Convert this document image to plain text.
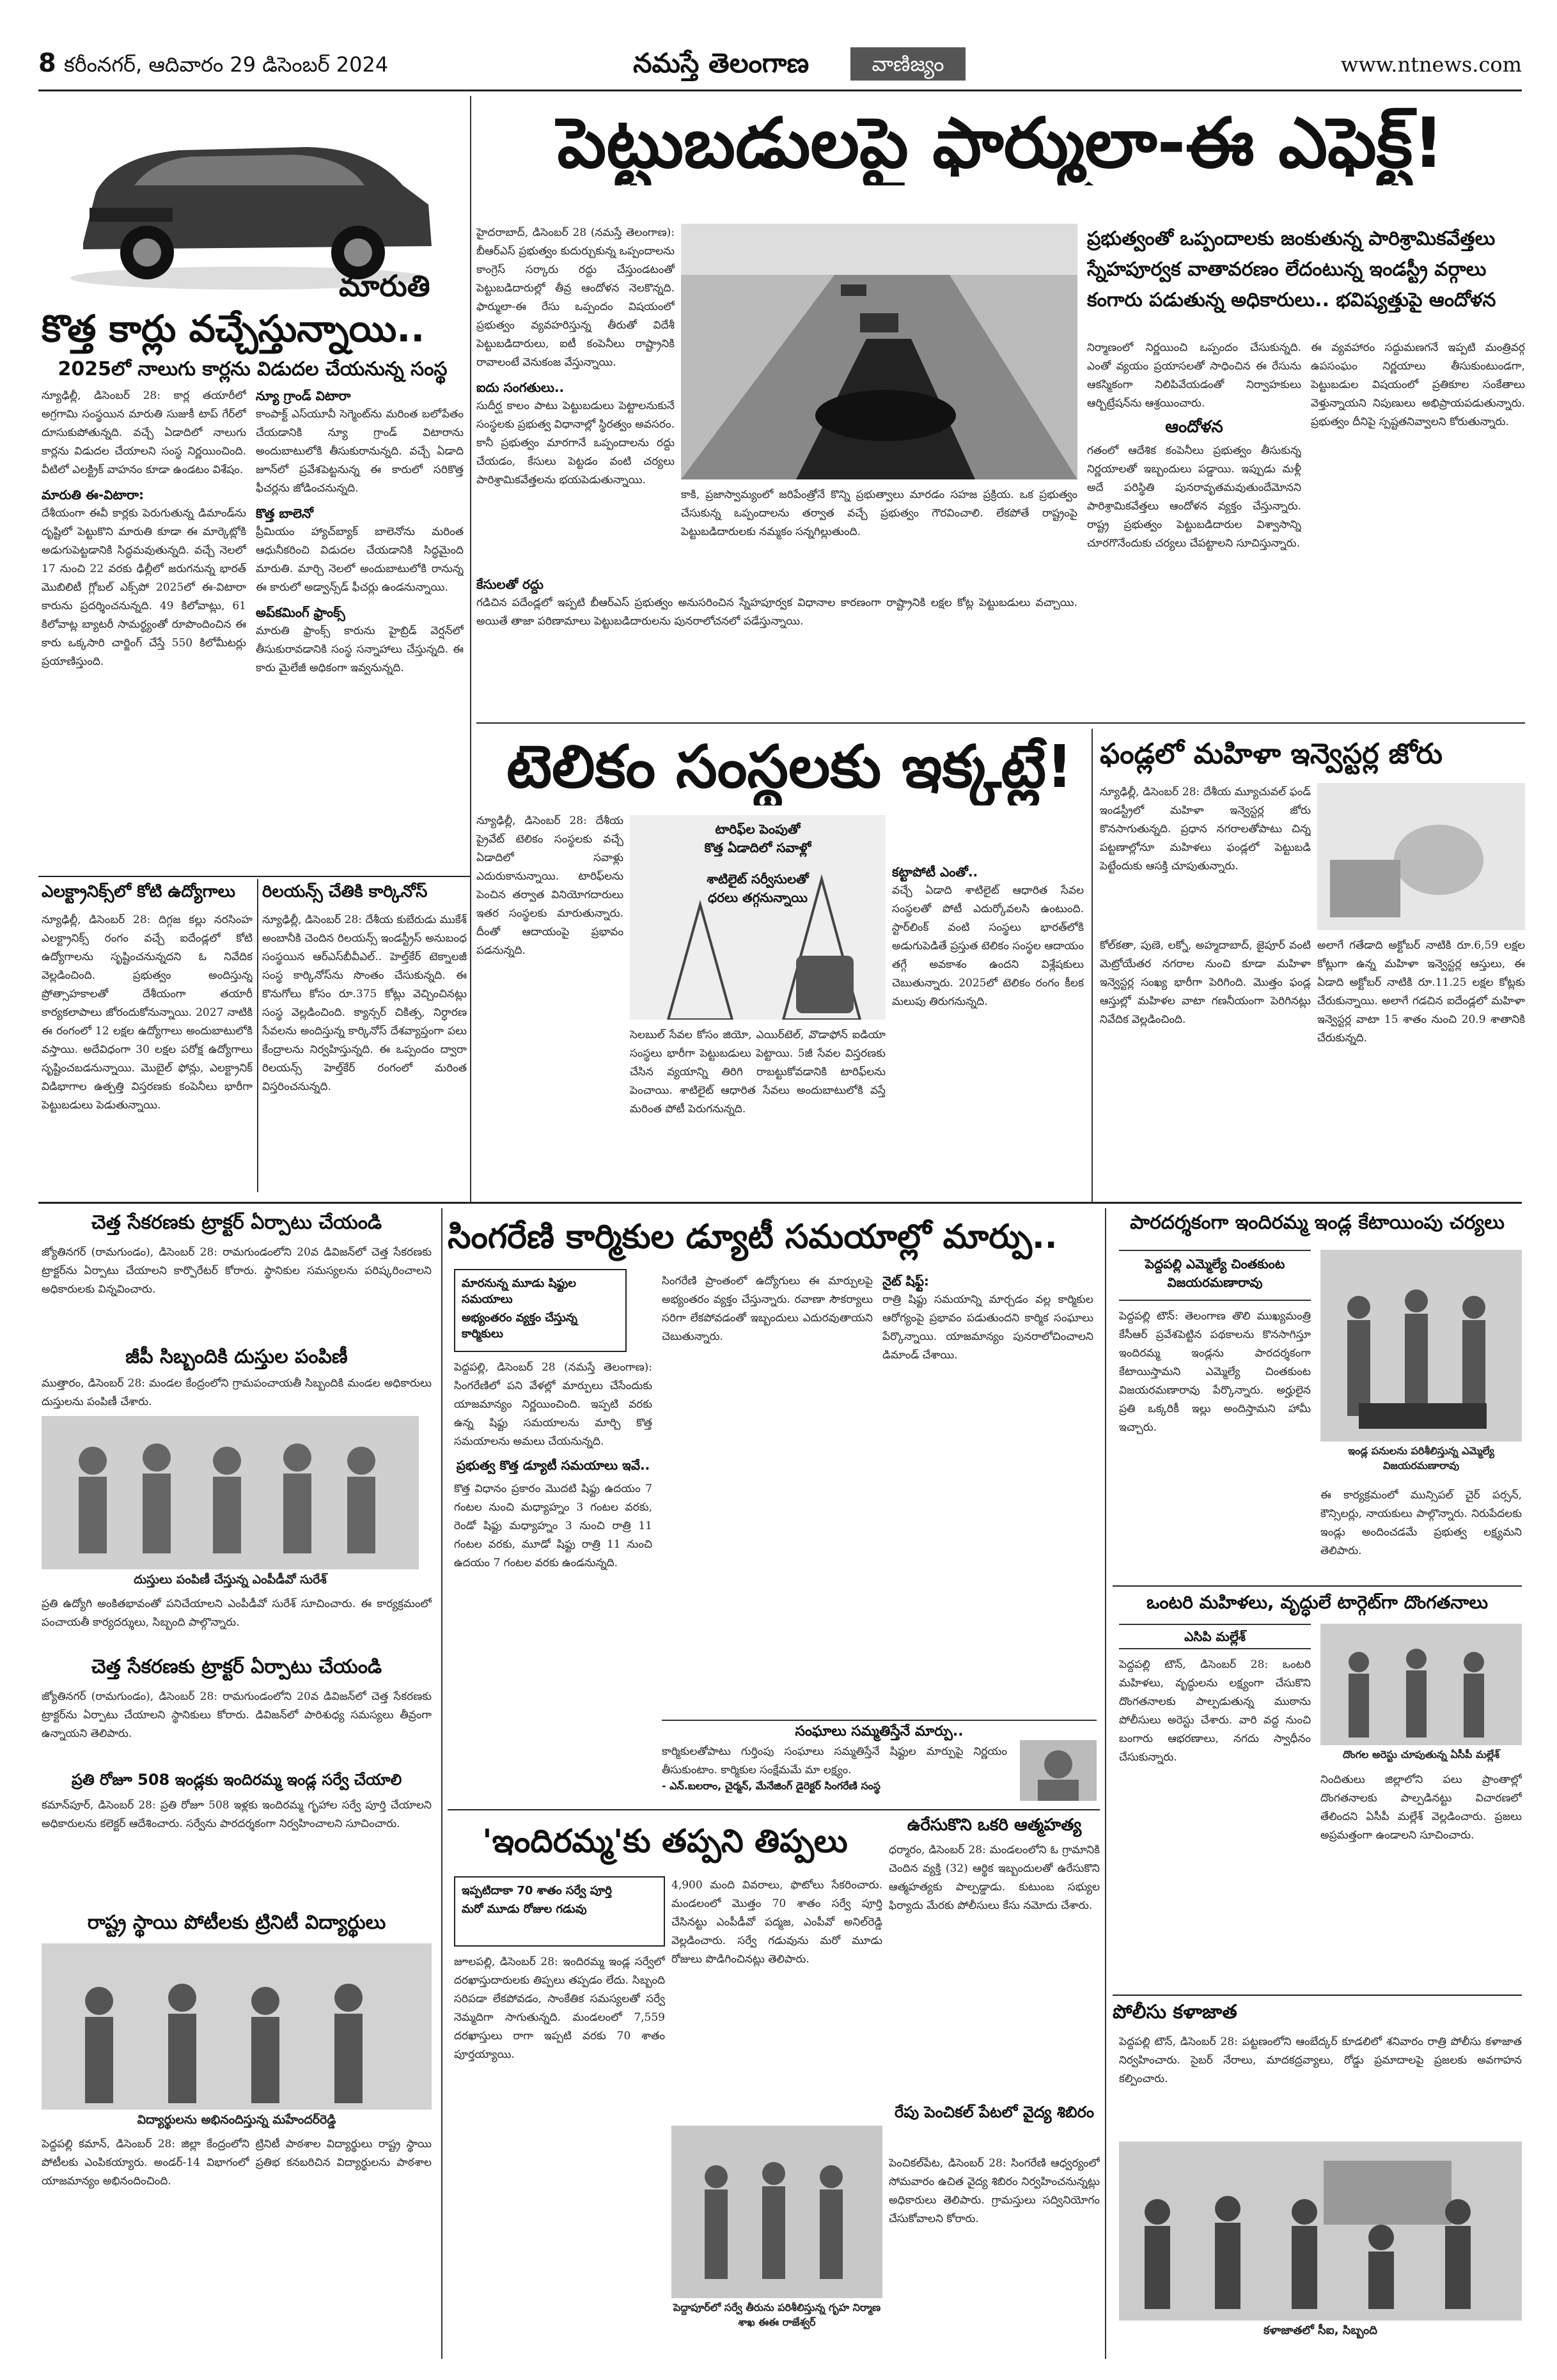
8 కరీంనగర్, ఆదివారం 29 డిసెంబర్ 2024	నమస్తే తెలంగాణ	వాణిజ్యం	www.ntnews.com
మారుతి
కొత్త కార్లు వచ్చేస్తున్నాయి..
2025లో నాలుగు కార్లను విడుదల చేయనున్న సంస్థ
న్యూఢిల్లీ, డిసెంబర్ 28: కార్ల తయారీలో అగ్రగామి సంస్థయిన మారుతి సుజుకీ టాప్ గేర్‌లో దూసుకుపోతున్నది. వచ్చే ఏడాదిలో నాలుగు కార్లను విడుదల చేయాలని సంస్థ నిర్ణయించింది. వీటిలో ఎలక్ట్రిక్ వాహనం కూడా ఉండటం విశేషం.
మారుతి ఈ-విటారా:
దేశీయంగా ఈవీ కార్లకు పెరుగుతున్న డిమాండ్‌ను దృష్టిలో పెట్టుకొని మారుతి కూడా ఈ మార్కెట్లోకి అడుగుపెట్టడానికి సిద్ధమవుతున్నది. వచ్చే నెలలో 17 నుంచి 22 వరకు ఢిల్లీలో జరుగనున్న భారత్ మొబిలిటీ గ్లోబల్ ఎక్స్‌పో 2025లో ఈ-విటారా కారును ప్రదర్శించనున్నది. 49 కిలోవాట్లు, 61 కిలోవాట్ల బ్యాటరీ సామర్థ్యంతో రూపొందించిన ఈ కారు ఒక్కసారి చార్జింగ్ చేస్తే 550 కిలోమీటర్లు ప్రయాణిస్తుంది.
న్యూ గ్రాండ్ విటారా
కాంపాక్ట్ ఎస్‌యూవీ సెగ్మెంట్‌ను మరింత బలోపేతం చేయడానికి న్యూ గ్రాండ్ విటారాను అందుబాటులోకి తీసుకురానున్నది. వచ్చే ఏడాది జూన్‌లో ప్రవేశపెట్టనున్న ఈ కారులో సరికొత్త ఫీచర్లను జోడించనున్నది.
కొత్త బాలెనో
ప్రీమియం హ్యాచ్‌బ్యాక్ బాలెనోను మరింత ఆధునీకరించి విడుదల చేయడానికి సిద్ధమైంది మారుతి. మార్చి నెలలో అందుబాటులోకి రానున్న ఈ కారులో అడ్వాన్స్‌డ్ ఫీచర్లు ఉండనున్నాయి.
అప్‌కమింగ్ ఫ్రాంక్స్
మారుతి ఫ్రాంక్స్ కారును హైబ్రిడ్ వెర్షన్‌లో తీసుకురావడానికి సంస్థ సన్నాహాలు చేస్తున్నది. ఈ కారు మైలేజీ అధికంగా ఇవ్వనున్నది.
పెట్టుబడులపై ఫార్ములా-ఈ ఎఫెక్ట్!
హైదరాబాద్, డిసెంబర్ 28 (నమస్తే తెలంగాణ): బీఆర్‌ఎస్ ప్రభుత్వం కుదుర్చుకున్న ఒప్పందాలను కాంగ్రెస్ సర్కారు రద్దు చేస్తుండటంతో పెట్టుబడిదారుల్లో తీవ్ర ఆందోళన నెలకొన్నది. ఫార్ములా-ఈ రేసు ఒప్పందం విషయంలో ప్రభుత్వం వ్యవహరిస్తున్న తీరుతో విదేశీ పెట్టుబడిదారులు, ఐటీ కంపెనీలు రాష్ట్రానికి రావాలంటే వెనుకంజ వేస్తున్నాయి.
ఐదు సంగతులు..
సుదీర్ఘ కాలం పాటు పెట్టుబడులు పెట్టాలనుకునే సంస్థలకు ప్రభుత్వ విధానాల్లో స్థిరత్వం అవసరం. కానీ ప్రభుత్వం మారగానే ఒప్పందాలను రద్దు చేయడం, కేసులు పెట్టడం వంటి చర్యలు పారిశ్రామికవేత్తలను భయపెడుతున్నాయి.
కాకి, ప్రజాస్వామ్యంలో జరిపేంత్రోనే కొన్ని ప్రభుత్వాలు మారడం సహజ ప్రక్రియ. ఒక ప్రభుత్వం చేసుకున్న ఒప్పందాలను తర్వాత వచ్చే ప్రభుత్వం గౌరవించాలి. లేకపోతే రాష్ట్రంపై పెట్టుబడిదారులకు నమ్మకం సన్నగిల్లుతుంది.
ప్రభుత్వంతో ఒప్పందాలకు జంకుతున్న పారిశ్రామికవేత్తలు స్నేహపూర్వక వాతావరణం లేదంటున్న ఇండస్ట్రీ వర్గాలు కంగారు పడుతున్న అధికారులు.. భవిష్యత్తుపై ఆందోళన
నిర్మాణంలో నిర్ణయించి ఒప్పందం చేసుకున్నది. ఎంతో వ్యయం ప్రయాసలతో సాధించిన ఈ రేసును ఆకస్మికంగా నిలిపివేయడంతో నిర్వాహకులు ఆర్బిట్రేషన్‌ను ఆశ్రయించారు.
ఆందోళన
గతంలో ఆదేశిక కంపెనీలు ప్రభుత్వం తీసుకున్న నిర్ణయాలతో ఇబ్బందులు పడ్డాయి. ఇప్పుడు మళ్లీ అదే పరిస్థితి పునరావృతమవుతుందేమోనని పారిశ్రామికవేత్తలు ఆందోళన వ్యక్తం చేస్తున్నారు. రాష్ట్ర ప్రభుత్వం పెట్టుబడిదారుల విశ్వాసాన్ని చూరగొనేందుకు చర్యలు చేపట్టాలని సూచిస్తున్నారు.
ఈ వ్యవహారం సద్దుమణగనే ఇప్పటి మంత్రివర్గ ఉపసంఘం నిర్ణయాలు తీసుకుంటుండగా, పెట్టుబడుల విషయంలో ప్రతికూల సంకేతాలు వెళ్తున్నాయని నిపుణులు అభిప్రాయపడుతున్నారు. ప్రభుత్వం దీనిపై స్పష్టతనివ్వాలని కోరుతున్నారు.
కేసులతో రద్దు
గడిచిన పదేండ్లలో ఇప్పటి బీఆర్‌ఎస్ ప్రభుత్వం అనుసరించిన స్నేహపూర్వక విధానాల కారణంగా రాష్ట్రానికి లక్షల కోట్ల పెట్టుబడులు వచ్చాయి. అయితే తాజా పరిణామాలు పెట్టుబడిదారులను పునరాలోచనలో పడేస్తున్నాయి.
టెలికం సంస్థలకు ఇక్కట్లే!
న్యూఢిల్లీ, డిసెంబర్ 28: దేశీయ ప్రైవేట్ టెలికం సంస్థలకు వచ్చే ఏడాదిలో సవాళ్లు ఎదురుకానున్నాయి. టారిఫ్‌లను పెంచిన తర్వాత వినియోగదారులు ఇతర సంస్థలకు మారుతున్నారు. దీంతో ఆదాయంపై ప్రభావం పడనున్నది.
టారిఫ్‌ల పెంపుతో
కొత్త ఏడాదిలో సవాళ్లో
శాటిలైట్ సర్వీసులతో
ధరలు తగ్గనున్నాయి
సెలబుల్ సేవల కోసం జియో, ఎయిర్‌టెల్, వొడాఫోన్ ఐడియా సంస్థలు భారీగా పెట్టుబడులు పెట్టాయి. 5జీ సేవల విస్తరణకు చేసిన వ్యయాన్ని తిరిగి రాబట్టుకోవడానికి టారిఫ్‌లను పెంచాయి. శాటిలైట్ ఆధారిత సేవలు అందుబాటులోకి వస్తే మరింత పోటీ పెరుగనున్నది.
కట్టాపోటీ ఎంతో..
వచ్చే ఏడాది శాటిలైట్ ఆధారిత సేవల సంస్థలతో పోటీ ఎదుర్కోవలసి ఉంటుంది. స్టార్‌లింక్ వంటి సంస్థలు భారత్‌లోకి అడుగుపెడితే ప్రస్తుత టెలికం సంస్థల ఆదాయం తగ్గే అవకాశం ఉందని విశ్లేషకులు చెబుతున్నారు. 2025లో టెలికం రంగం కీలక మలుపు తిరుగనున్నది.
ఫండ్లలో మహిళా ఇన్వెస్టర్ల జోరు
న్యూఢిల్లీ, డిసెంబర్ 28: దేశీయ మ్యూచువల్ ఫండ్ ఇండస్ట్రీలో మహిళా ఇన్వెస్టర్ల జోరు కొనసాగుతున్నది. ప్రధాన నగరాలతోపాటు చిన్న పట్టణాల్లోనూ మహిళలు ఫండ్లలో పెట్టుబడి పెట్టేందుకు ఆసక్తి చూపుతున్నారు.
కోల్‌కతా, పుణె, లక్నో, అహ్మదాబాద్, జైపూర్ వంటి మెట్రోయేతర నగరాల నుంచి కూడా మహిళా ఇన్వెస్టర్ల సంఖ్య భారీగా పెరిగింది. మొత్తం ఫండ్ల ఆస్తుల్లో మహిళల వాటా గణనీయంగా పెరిగినట్లు నివేదిక వెల్లడించింది.
అలాగే గతేడాది అక్టోబర్ నాటికి రూ.6,59 లక్షల కోట్లుగా ఉన్న మహిళా ఇన్వెస్టర్ల ఆస్తులు, ఈ ఏడాది అక్టోబర్ నాటికి రూ.11.25 లక్షల కోట్లకు చేరుకున్నాయి. అలాగే గడచిన ఐదేండ్లలో మహిళా ఇన్వెస్టర్ల వాటా 15 శాతం నుంచి 20.9 శాతానికి చేరుకున్నది.
ఎలక్ట్రానిక్స్‌లో కోటి ఉద్యోగాలు
న్యూఢిల్లీ, డిసెంబర్ 28: దిగ్గజ కల్లు నరసింహ ఎలక్ట్రానిక్స్ రంగం వచ్చే ఐదేండ్లలో కోటి ఉద్యోగాలను సృష్టించనున్నదని ఓ నివేదిక వెల్లడించింది. ప్రభుత్వం అందిస్తున్న ప్రోత్సాహకాలతో దేశీయంగా తయారీ కార్యకలాపాలు జోరందుకోనున్నాయి. 2027 నాటికి ఈ రంగంలో 12 లక్షల ఉద్యోగాలు అందుబాటులోకి వస్తాయి. అదేవిధంగా 30 లక్షల పరోక్ష ఉద్యోగాలు సృష్టించబడనున్నాయి. మొబైల్ ఫోన్లు, ఎలక్ట్రానిక్ విడిభాగాల ఉత్పత్తి విస్తరణకు కంపెనీలు భారీగా పెట్టుబడులు పెడుతున్నాయి.
రిలయన్స్ చేతికి కార్కినోస్
న్యూఢిల్లీ, డిసెంబర్ 28: దేశీయ కుబేరుడు ముకేశ్ అంబానీకి చెందిన రిలయన్స్ ఇండస్ట్రీస్ అనుబంధ సంస్థయిన ఆర్‌ఎస్‌బీవీఎల్.. హెల్త్‌కేర్ టెక్నాలజీ సంస్థ కార్కినోస్‌ను సొంతం చేసుకున్నది. ఈ కొనుగోలు కోసం రూ.375 కోట్లు వెచ్చించినట్లు సంస్థ వెల్లడించింది. క్యాన్సర్ చికిత్స, నిర్ధారణ సేవలను అందిస్తున్న కార్కినోస్ దేశవ్యాప్తంగా పలు కేంద్రాలను నిర్వహిస్తున్నది. ఈ ఒప్పందం ద్వారా రిలయన్స్ హెల్త్‌కేర్ రంగంలో మరింత విస్తరించనున్నది.
చెత్త సేకరణకు ట్రాక్టర్ ఏర్పాటు చేయండి
జ్యోతినగర్ (రామగుండం), డిసెంబర్ 28: రామగుండంలోని 20వ డివిజన్‌లో చెత్త సేకరణకు ట్రాక్టర్‌ను ఏర్పాటు చేయాలని కార్పొరేటర్ కోరారు. స్థానికుల సమస్యలను పరిష్కరించాలని అధికారులకు విన్నవించారు.
జీపీ సిబ్బందికి దుస్తుల పంపిణీ
ముత్తారం, డిసెంబర్ 28: మండల కేంద్రంలోని గ్రామపంచాయతీ సిబ్బందికి మండల అధికారులు దుస్తులను పంపిణీ చేశారు.
దుస్తులు పంపిణీ చేస్తున్న ఎంపీడీవో సురేశ్
ప్రతి ఉద్యోగి అంకితభావంతో పనిచేయాలని ఎంపీడీవో సురేశ్ సూచించారు. ఈ కార్యక్రమంలో పంచాయతీ కార్యదర్శులు, సిబ్బంది పాల్గొన్నారు.
చెత్త సేకరణకు ట్రాక్టర్ ఏర్పాటు చేయండి
జ్యోతినగర్ (రామగుండం), డిసెంబర్ 28: రామగుండంలోని 20వ డివిజన్‌లో చెత్త సేకరణకు ట్రాక్టర్‌ను ఏర్పాటు చేయాలని స్థానికులు కోరారు. డివిజన్‌లో పారిశుధ్య సమస్యలు తీవ్రంగా ఉన్నాయని తెలిపారు.
ప్రతి రోజూ 508 ఇండ్లకు ఇందిరమ్మ ఇండ్ల సర్వే చేయాలి
కమాన్‌పూర్, డిసెంబర్ 28: ప్రతి రోజూ 508 ఇళ్లకు ఇందిరమ్మ గృహాల సర్వే పూర్తి చేయాలని అధికారులను కలెక్టర్ ఆదేశించారు. సర్వేను పారదర్శకంగా నిర్వహించాలని సూచించారు.
రాష్ట్ర స్థాయి పోటీలకు ట్రినిటీ విద్యార్థులు
విద్యార్థులను అభినందిస్తున్న మహేందర్‌రెడ్డి
పెద్దపల్లి కమాన్, డిసెంబర్ 28: జిల్లా కేంద్రంలోని ట్రినిటీ పాఠశాల విద్యార్థులు రాష్ట్ర స్థాయి పోటీలకు ఎంపికయ్యారు. అండర్-14 విభాగంలో ప్రతిభ కనబరిచిన విద్యార్థులను పాఠశాల యాజమాన్యం అభినందించింది.
సింగరేణి కార్మికుల డ్యూటీ సమయాల్లో మార్పు..
మారనున్న మూడు షిఫ్టుల సమయాలు
అభ్యంతరం వ్యక్తం చేస్తున్న కార్మికులు
పెద్దపల్లి, డిసెంబర్ 28 (నమస్తే తెలంగాణ): సింగరేణిలో పని వేళల్లో మార్పులు చేసేందుకు యాజమాన్యం నిర్ణయించింది. ఇప్పటి వరకు ఉన్న షిఫ్టు సమయాలను మార్చి కొత్త సమయాలను అమలు చేయనున్నది.
ప్రభుత్వ కొత్త డ్యూటీ సమయాలు ఇవే..
కొత్త విధానం ప్రకారం మొదటి షిఫ్టు ఉదయం 7 గంటల నుంచి మధ్యాహ్నం 3 గంటల వరకు, రెండో షిఫ్టు మధ్యాహ్నం 3 నుంచి రాత్రి 11 గంటల వరకు, మూడో షిఫ్టు రాత్రి 11 నుంచి ఉదయం 7 గంటల వరకు ఉండనున్నది.
సింగరేణి ప్రాంతంలో ఉద్యోగులు ఈ మార్పులపై అభ్యంతరం వ్యక్తం చేస్తున్నారు. రవాణా సౌకర్యాలు సరిగా లేకపోవడంతో ఇబ్బందులు ఎదురవుతాయని చెబుతున్నారు.
నైట్ షిఫ్ట్:
రాత్రి షిఫ్టు సమయాన్ని మార్చడం వల్ల కార్మికుల ఆరోగ్యంపై ప్రభావం పడుతుందని కార్మిక సంఘాలు పేర్కొన్నాయి. యాజమాన్యం పునరాలోచించాలని డిమాండ్ చేశాయి.
సంఘాలు సమ్మతిస్తేనే మార్పు..
కార్మికులతోపాటు గుర్తింపు సంఘాలు సమ్మతిస్తేనే షిఫ్టుల మార్పుపై నిర్ణయం తీసుకుంటాం. కార్మికుల సంక్షేమమే మా లక్ష్యం.
- ఎన్.బలరాం, చైర్మన్, మేనేజింగ్ డైరెక్టర్ సింగరేణి సంస్థ
'ఇందిరమ్మ'కు తప్పని తిప్పలు
ఇప్పటిదాకా 70 శాతం సర్వే పూర్తి
మరో మూడు రోజుల గడువు
4,900 మంది వివరాలు, ఫొటోలు సేకరించారు. మండలంలో మొత్తం 70 శాతం సర్వే పూర్తి చేసినట్టు ఎంపీడీవో పద్మజ, ఎంపీవో అనిల్‌రెడ్డి వెల్లడించారు. సర్వే గడువును మరో మూడు రోజులు పొడిగించినట్లు తెలిపారు.
జూలపల్లి, డిసెంబర్ 28: ఇందిరమ్మ ఇండ్ల సర్వేలో దరఖాస్తుదారులకు తిప్పలు తప్పడం లేదు. సిబ్బంది సరిపడా లేకపోవడం, సాంకేతిక సమస్యలతో సర్వే నెమ్మదిగా సాగుతున్నది. మండలంలో 7,559 దరఖాస్తులు రాగా ఇప్పటి వరకు 70 శాతం పూర్తయ్యాయి.
పెద్దాపూర్‌లో సర్వే తీరును పరిశీలిస్తున్న గృహ నిర్మాణ శాఖ ఈఈ రాజేశ్వర్
ఉరేసుకొని ఒకరి ఆత్మహత్య
ధర్మారం, డిసెంబర్ 28: మండలంలోని ఓ గ్రామానికి చెందిన వ్యక్తి (32) ఆర్థిక ఇబ్బందులతో ఉరేసుకొని ఆత్మహత్యకు పాల్పడ్డాడు. కుటుంబ సభ్యుల ఫిర్యాదు మేరకు పోలీసులు కేసు నమోదు చేశారు.
రేపు పెంచికల్ పేటలో వైద్య శిబిరం
పెంచికల్‌పేట, డిసెంబర్ 28: సింగరేణి ఆధ్వర్యంలో సోమవారం ఉచిత వైద్య శిబిరం నిర్వహించనున్నట్లు అధికారులు తెలిపారు. గ్రామస్తులు సద్వినియోగం చేసుకోవాలని కోరారు.
పారదర్శకంగా ఇందిరమ్మ ఇండ్ల కేటాయింపు చర్యలు
పెద్దపల్లి ఎమ్మెల్యే చింతకుంట విజయరమణారావు
పెద్దపల్లి టౌన్: తెలంగాణ తొలి ముఖ్యమంత్రి కేసీఆర్ ప్రవేశపెట్టిన పథకాలను కొనసాగిస్తూ ఇందిరమ్మ ఇండ్లను పారదర్శకంగా కేటాయిస్తామని ఎమ్మెల్యే చింతకుంట విజయరమణారావు పేర్కొన్నారు. అర్హులైన ప్రతి ఒక్కరికీ ఇల్లు అందిస్తామని హామీ ఇచ్చారు.
ఇండ్ల పనులను పరిశీలిస్తున్న ఎమ్మెల్యే విజయరమణారావు
ఈ కార్యక్రమంలో మున్సిపల్ చైర్ పర్సన్, కౌన్సిలర్లు, నాయకులు పాల్గొన్నారు. నిరుపేదలకు ఇండ్లు అందించడమే ప్రభుత్వ లక్ష్యమని తెలిపారు.
ఒంటరి మహిళలు, వృద్ధులే టార్గెట్‌గా దొంగతనాలు
ఎసిపి మల్లేశ్
పెద్దపల్లి టౌన్, డిసెంబర్ 28: ఒంటరి మహిళలు, వృద్ధులను లక్ష్యంగా చేసుకొని దొంగతనాలకు పాల్పడుతున్న ముఠాను పోలీసులు అరెస్టు చేశారు. వారి వద్ద నుంచి బంగారు ఆభరణాలు, నగదు స్వాధీనం చేసుకున్నారు.	దొంగల అరెస్టు చూపుతున్న ఏసీపీ మల్లేశ్
నిందితులు జిల్లాలోని పలు ప్రాంతాల్లో దొంగతనాలకు పాల్పడినట్టు విచారణలో తేలిందని ఏసీపీ మల్లేశ్ వెల్లడించారు. ప్రజలు అప్రమత్తంగా ఉండాలని సూచించారు.
పోలీసు కళాజాత
పెద్దపల్లి టౌన్, డిసెంబర్ 28: పట్టణంలోని ఆంబేద్కర్ కూడలిలో శనివారం రాత్రి పోలీసు కళాజాత నిర్వహించారు. సైబర్ నేరాలు, మాదకద్రవ్యాలు, రోడ్డు ప్రమాదాలపై ప్రజలకు అవగాహన కల్పించారు.
కళాజాతలో సీఐ, సిబ్బంది
